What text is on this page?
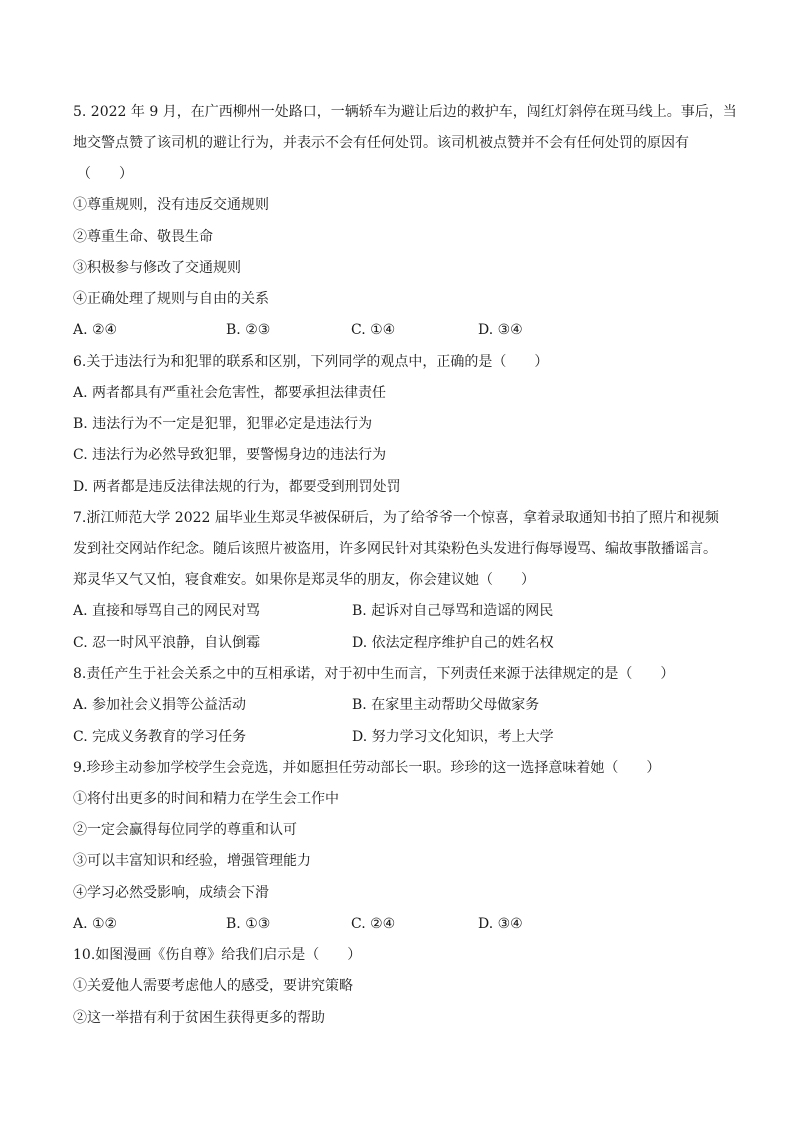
5. 2022 年 9 月，在广西柳州一处路口，一辆轿车为避让后边的救护车，闯红灯斜停在斑马线上。事后，当
地交警点赞了该司机的避让行为，并表示不会有任何处罚。该司机被点赞并不会有任何处罚的原因有
（　　）
①尊重规则，没有违反交通规则
②尊重生命、敬畏生命
③积极参与修改了交通规则
④正确处理了规则与自由的关系
A. ②④	B. ②③	C. ①④	D. ③④
6.关于违法行为和犯罪的联系和区别，下列同学的观点中，正确的是（　　）
A. 两者都具有严重社会危害性，都要承担法律责任
B. 违法行为不一定是犯罪，犯罪必定是违法行为
C. 违法行为必然导致犯罪，要警惕身边的违法行为
D. 两者都是违反法律法规的行为，都要受到刑罚处罚
7.浙江师范大学 2022 届毕业生郑灵华被保研后，为了给爷爷一个惊喜，拿着录取通知书拍了照片和视频
发到社交网站作纪念。随后该照片被盗用，许多网民针对其染粉色头发进行侮辱谩骂、编故事散播谣言。
郑灵华又气又怕，寝食难安。如果你是郑灵华的朋友，你会建议她（　　）
A. 直接和辱骂自己的网民对骂	B. 起诉对自己辱骂和造谣的网民
C. 忍一时风平浪静，自认倒霉	D. 依法定程序维护自己的姓名权
8.责任产生于社会关系之中的互相承诺，对于初中生而言，下列责任来源于法律规定的是（　　）
A. 参加社会义捐等公益活动	B. 在家里主动帮助父母做家务
C. 完成义务教育的学习任务	D. 努力学习文化知识，考上大学
9.珍珍主动参加学校学生会竞选，并如愿担任劳动部长一职。珍珍的这一选择意味着她（　　）
①将付出更多的时间和精力在学生会工作中
②一定会赢得每位同学的尊重和认可
③可以丰富知识和经验，增强管理能力
④学习必然受影响，成绩会下滑
A. ①②	B. ①③	C. ②④	D. ③④
10.如图漫画《伤自尊》给我们启示是（　　）
①关爱他人需要考虑他人的感受，要讲究策略
②这一举措有利于贫困生获得更多的帮助
